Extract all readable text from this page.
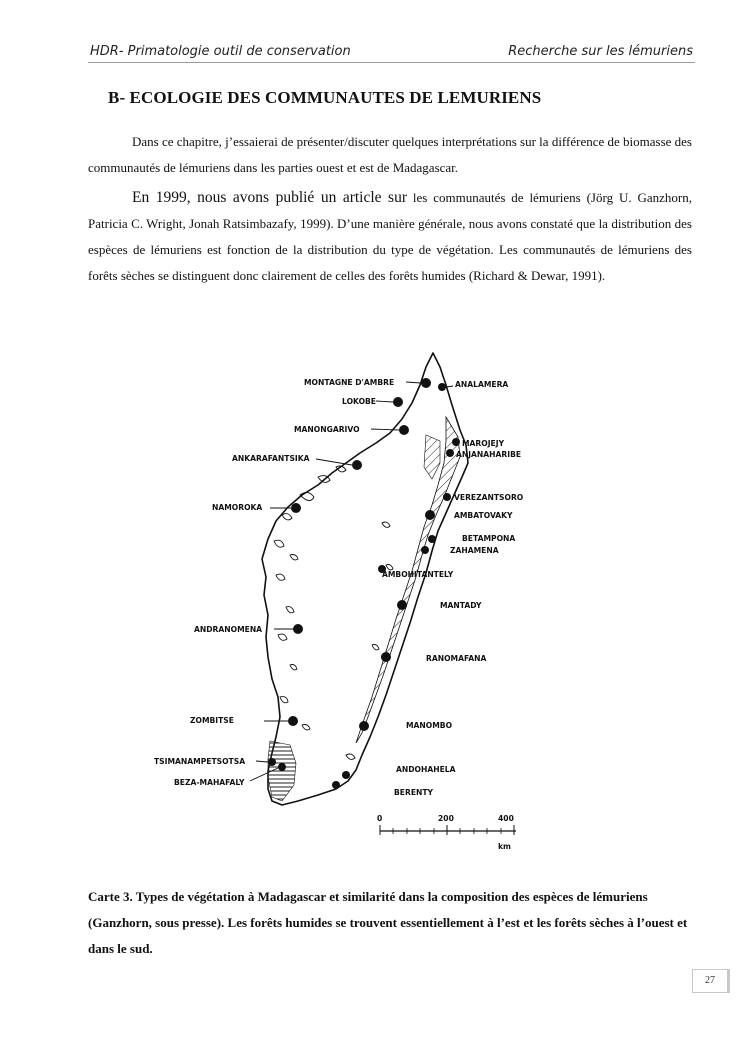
HDR- Primatologie outil de conservation	Recherche sur les lémuriens
B- ECOLOGIE DES COMMUNAUTES DE LEMURIENS
Dans ce chapitre, j’essaierai de présenter/discuter quelques interprétations sur la différence de biomasse des communautés de lémuriens dans les parties ouest et est de Madagascar.
En 1999, nous avons publié un article sur les communautés de lémuriens (Jörg U. Ganzhorn, Patricia C. Wright, Jonah Ratsimbazafy, 1999). D’une manière générale, nous avons constaté que la distribution des espèces de lémuriens est fonction de la distribution du type de végétation. Les communautés de lémuriens des forêts sèches se distinguent donc clairement de celles des forêts humides (Richard & Dewar, 1991).
MONTAGNE D'AMBRE	ANALAMERA
LOKOBE
MANONGARIVO
MAROJEJY
ANJANAHARIBE
ANKARAFANTSIKA
VEREZANTSORO
NAMOROKA
AMBATOVAKY
BETAMPONA
ZAHAMENA
AMBOHITANTELY
MANTADY
ANDRANOMENA
RANOMAFANA
ZOMBITSE
MANOMBO
TSIMANAMPETSOTSA
ANDOHAHELA
BEZA-MAHAFALY
BERENTY
0	200	400
km
Carte 3. Types de végétation à Madagascar et similarité dans la composition des espèces de lémuriens (Ganzhorn, sous presse). Les forêts humides se trouvent essentiellement à l’est et les forêts sèches à l’ouest et dans le sud.
27
